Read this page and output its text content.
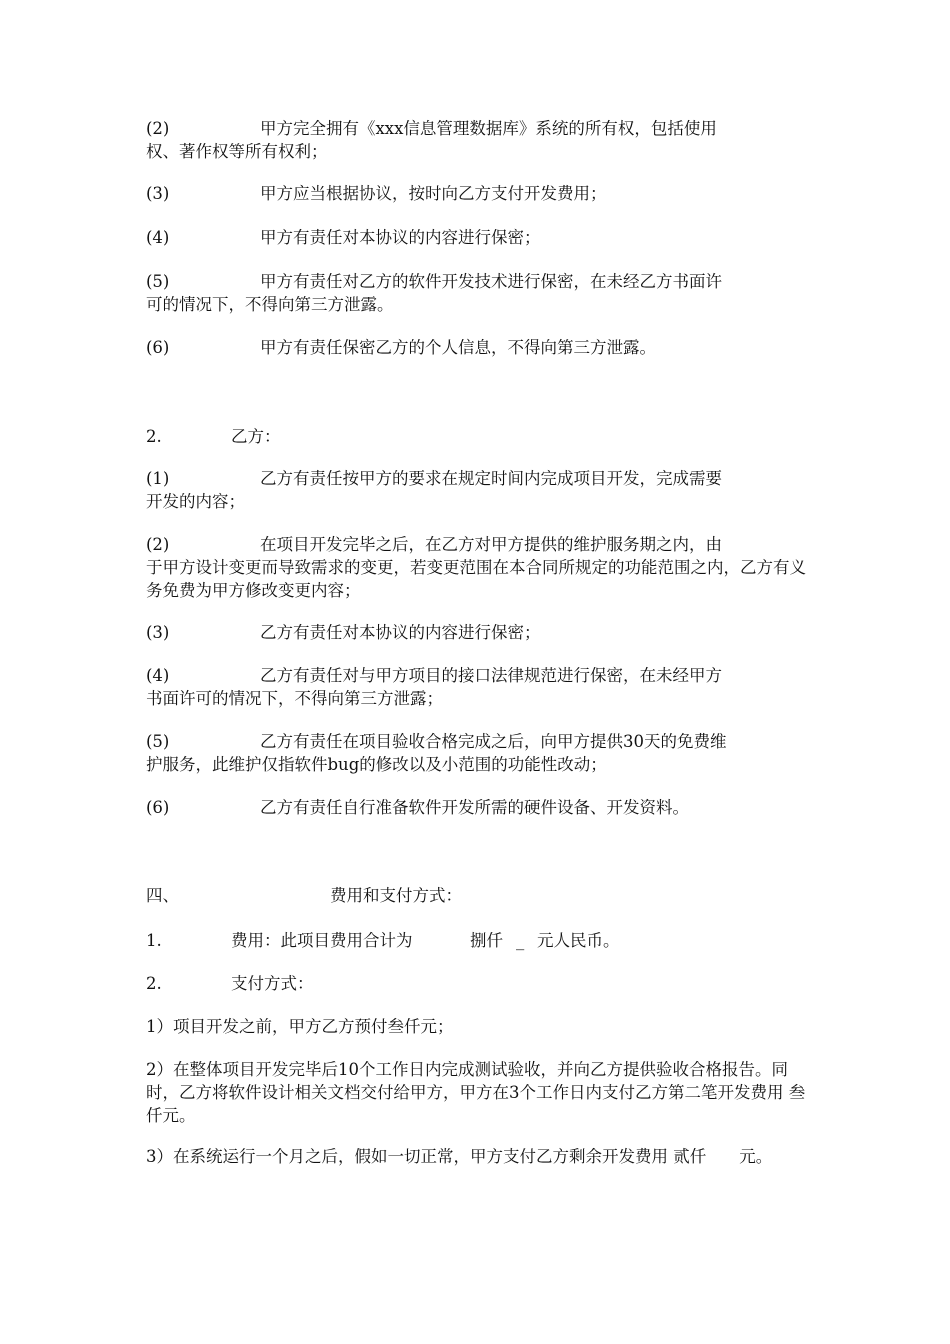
(2)	甲方完全拥有《xxx信息管理数据库》系统的所有权，包括使用
权、著作权等所有权利；
(3)	甲方应当根据协议，按时向乙方支付开发费用；
(4)	甲方有责任对本协议的内容进行保密；
(5)	甲方有责任对乙方的软件开发技术进行保密，在未经乙方书面许
可的情况下，不得向第三方泄露。
(6)	甲方有责任保密乙方的个人信息，不得向第三方泄露。
2.	乙方：
(1)	乙方有责任按甲方的要求在规定时间内完成项目开发，完成需要
开发的内容；
(2)	在项目开发完毕之后，在乙方对甲方提供的维护服务期之内，由
于甲方设计变更而导致需求的变更，若变更范围在本合同所规定的功能范围之内，乙方有义务免费为甲方修改变更内容；
(3)	乙方有责任对本协议的内容进行保密；
(4)	乙方有责任对与甲方项目的接口法律规范进行保密，在未经甲方
书面许可的情况下，不得向第三方泄露；
(5)	乙方有责任在项目验收合格完成之后，向甲方提供30天的免费维
护服务，此维护仅指软件bug的修改以及小范围的功能性改动；
(6)	乙方有责任自行准备软件开发所需的硬件设备、开发资料。
四、	费用和支付方式：
1.	费用：此项目费用合计为	捌仟 _ 元人民币。
2.	支付方式：

1）项目开发之前，甲方乙方预付叁仟元；

2）在整体项目开发完毕后10个工作日内完成测试验收，并向乙方提供验收合格报告。同时，乙方将软件设计相关文档交付给甲方，甲方在3个工作日内支付乙方第二笔开发费用 叁仟元。

3）在系统运行一个月之后，假如一切正常，甲方支付乙方剩余开发费用 贰仟　　元。
